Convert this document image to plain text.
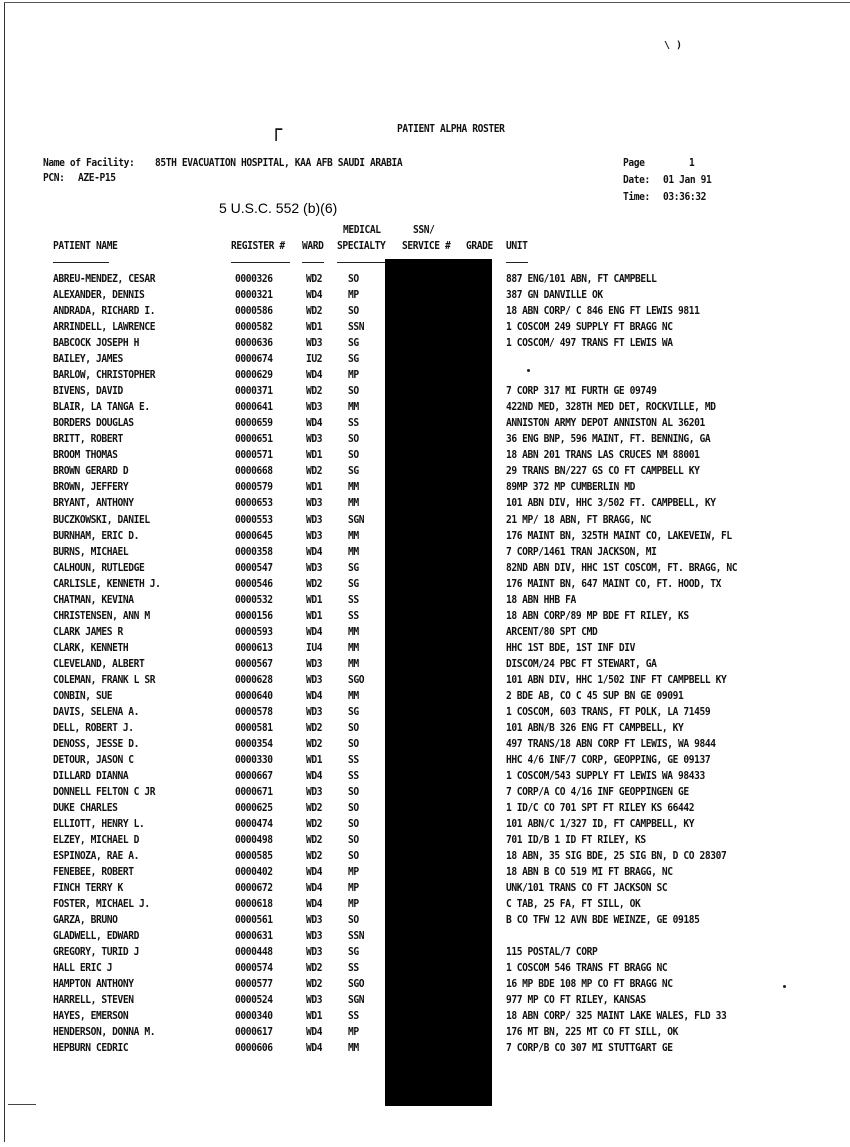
\ )
┌	PATIENT ALPHA ROSTER
Name of Facility: 85TH EVACUATION HOSPITAL, KAA AFB SAUDI ARABIA
PCN: AZE-P15
Page	1
Date: 01 Jan 91
Time: 03:36:32
5 U.S.C. 552 (b)(6)
MEDICAL	SSN/
PATIENT NAME	REGISTER # WARD SPECIALTY SERVICE # GRADE UNIT
ABREU-MENDEZ, CESAR	0000326	WD2	SO	887 ENG/101 ABN, FT CAMPBELL
ALEXANDER, DENNIS	0000321	WD4	MP	387 GN DANVILLE OK
ANDRADA, RICHARD I.	0000586	WD2	SO	18 ABN CORP/ C 846 ENG FT LEWIS 9811
ARRINDELL, LAWRENCE	0000582	WD1	SSN	1 COSCOM 249 SUPPLY FT BRAGG NC
BABCOCK JOSEPH H	0000636	WD3	SG	1 COSCOM/ 497 TRANS FT LEWIS WA
BAILEY, JAMES	0000674	IU2	SG
BARLOW, CHRISTOPHER	0000629	WD4	MP
BIVENS, DAVID	0000371	WD2	SO	7 CORP 317 MI FURTH GE 09749
BLAIR, LA TANGA E.	0000641	WD3	MM	422ND MED, 328TH MED DET, ROCKVILLE, MD
BORDERS DOUGLAS	0000659	WD4	SS	ANNISTON ARMY DEPOT ANNISTON AL 36201
BRITT, ROBERT	0000651	WD3	SO	36 ENG BNP, 596 MAINT, FT. BENNING, GA
BROOM THOMAS	0000571	WD1	SO	18 ABN 201 TRANS LAS CRUCES NM 88001
BROWN GERARD D	0000668	WD2	SG	29 TRANS BN/227 GS CO FT CAMPBELL KY
BROWN, JEFFERY	0000579	WD1	MM	89MP 372 MP CUMBERLIN MD
BRYANT, ANTHONY	0000653	WD3	MM	101 ABN DIV, HHC 3/502 FT. CAMPBELL, KY
BUCZKOWSKI, DANIEL	0000553	WD3	SGN	21 MP/ 18 ABN, FT BRAGG, NC
BURNHAM, ERIC D.	0000645	WD3	MM	176 MAINT BN, 325TH MAINT CO, LAKEVEIW, FL
BURNS, MICHAEL	0000358	WD4	MM	7 CORP/1461 TRAN JACKSON, MI
CALHOUN, RUTLEDGE	0000547	WD3	SG	82ND ABN DIV, HHC 1ST COSCOM, FT. BRAGG, NC
CARLISLE, KENNETH J.	0000546	WD2	SG	176 MAINT BN, 647 MAINT CO, FT. HOOD, TX
CHATMAN, KEVINA	0000532	WD1	SS	18 ABN HHB FA
CHRISTENSEN, ANN M	0000156	WD1	SS	18 ABN CORP/89 MP BDE FT RILEY, KS
CLARK JAMES R	0000593	WD4	MM	ARCENT/80 SPT CMD
CLARK, KENNETH	0000613	IU4	MM	HHC 1ST BDE, 1ST INF DIV
CLEVELAND, ALBERT	0000567	WD3	MM	DISCOM/24 PBC FT STEWART, GA
COLEMAN, FRANK L SR	0000628	WD3	SGO	101 ABN DIV, HHC 1/502 INF FT CAMPBELL KY
CONBIN, SUE	0000640	WD4	MM	2 BDE AB, CO C 45 SUP BN GE 09091
DAVIS, SELENA A.	0000578	WD3	SG	1 COSCOM, 603 TRANS, FT POLK, LA 71459
DELL, ROBERT J.	0000581	WD2	SO	101 ABN/B 326 ENG FT CAMPBELL, KY
DENOSS, JESSE D.	0000354	WD2	SO	497 TRANS/18 ABN CORP FT LEWIS, WA 9844
DETOUR, JASON C	0000330	WD1	SS	HHC 4/6 INF/7 CORP, GEOPPING, GE 09137
DILLARD DIANNA	0000667	WD4	SS	1 COSCOM/543 SUPPLY FT LEWIS WA 98433
DONNELL FELTON C JR	0000671	WD3	SO	7 CORP/A CO 4/16 INF GEOPPINGEN GE
DUKE CHARLES	0000625	WD2	SO	1 ID/C CO 701 SPT FT RILEY KS 66442
ELLIOTT, HENRY L.	0000474	WD2	SO	101 ABN/C 1/327 ID, FT CAMPBELL, KY
ELZEY, MICHAEL D	0000498	WD2	SO	701 ID/B 1 ID FT RILEY, KS
ESPINOZA, RAE A.	0000585	WD2	SO	18 ABN, 35 SIG BDE, 25 SIG BN, D CO 28307
FENEBEE, ROBERT	0000402	WD4	MP	18 ABN B CO 519 MI FT BRAGG, NC
FINCH TERRY K	0000672	WD4	MP	UNK/101 TRANS CO FT JACKSON SC
FOSTER, MICHAEL J.	0000618	WD4	MP	C TAB, 25 FA, FT SILL, OK
GARZA, BRUNO	0000561	WD3	SO	B CO TFW 12 AVN BDE WEINZE, GE 09185
GLADWELL, EDWARD	0000631	WD3	SSN
GREGORY, TURID J	0000448	WD3	SG	115 POSTAL/7 CORP
HALL ERIC J	0000574	WD2	SS	1 COSCOM 546 TRANS FT BRAGG NC
HAMPTON ANTHONY	0000577	WD2	SGO	16 MP BDE 108 MP CO FT BRAGG NC
HARRELL, STEVEN	0000524	WD3	SGN	977 MP CO FT RILEY, KANSAS
HAYES, EMERSON	0000340	WD1	SS	18 ABN CORP/ 325 MAINT LAKE WALES, FLD 33
HENDERSON, DONNA M.	0000617	WD4	MP	176 MT BN, 225 MT CO FT SILL, OK
HEPBURN CEDRIC	0000606	WD4	MM	7 CORP/B CO 307 MI STUTTGART GE
